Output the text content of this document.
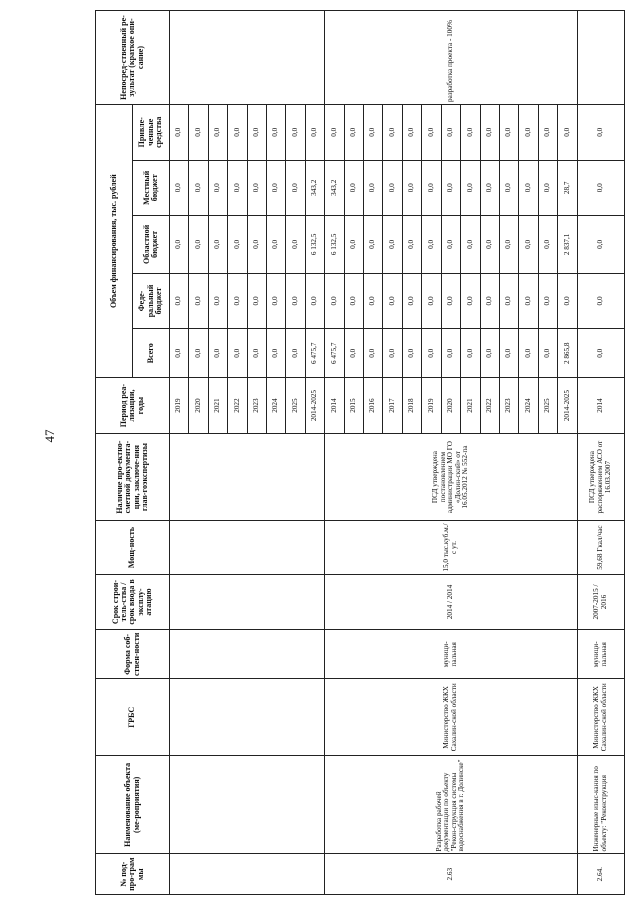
47
№ под-про-грам мы	Наименование объекта (ме-роприятия)	ГРБС	Форма соб-ствен-ности	Срок строи-тель-ства / срок ввода в эксплу-атацию	Мощ-ность	Наличие про-ектно-сметной документа-ции, заключе-ния глав-гоэкспертизы	Период реа-лизации, годы	Объем финансирования, тыс. рублей					Непосред-ственный ре-зультат (краткое опи-сание)
								Всего	Феде-ральный бюджет	Областной бюджет	Местный бюджет	Привле-ченные средства	
							2019	0,0	0,0	0,0	0,0	0,0	
							2020	0,0	0,0	0,0	0,0	0,0	
							2021	0,0	0,0	0,0	0,0	0,0	
							2022	0,0	0,0	0,0	0,0	0,0	
							2023	0,0	0,0	0,0	0,0	0,0	
							2024	0,0	0,0	0,0	0,0	0,0	
							2025	0,0	0,0	0,0	0,0	0,0	
							2014-2025	6 475,7	0,0	6 132,5	343,2	0,0	
2.63	Разработка рабочей документации по объекту "Рекон-струкция системы водоснабжения в г. Долинске"	Министерство ЖКХ Сахалин-ской области	муници-пальная	2014 / 2014	15,0 тыс.куб.м./с ут.	ПСД утверждена постановлением администрации МО ГО «Долин-ский» от 16.05.2012 № 552-па	2014	6 475,7	0,0	6 132,5	343,2	0,0	разработка проекта - 100%
							2015	0,0	0,0	0,0	0,0	0,0	
							2016	0,0	0,0	0,0	0,0	0,0	
							2017	0,0	0,0	0,0	0,0	0,0	
							2018	0,0	0,0	0,0	0,0	0,0	
							2019	0,0	0,0	0,0	0,0	0,0	
							2020	0,0	0,0	0,0	0,0	0,0	
							2021	0,0	0,0	0,0	0,0	0,0	
							2022	0,0	0,0	0,0	0,0	0,0	
							2023	0,0	0,0	0,0	0,0	0,0	
							2024	0,0	0,0	0,0	0,0	0,0	
							2025	0,0	0,0	0,0	0,0	0,0	
							2014-2025	2 865,8	0,0	2 837,1	28,7	0,0	
2.64.	Инженерные изыс-кания по объекту: "Реконструкция	Министерство ЖКХ Сахалин-ской области	муници-пальная	2007-2015 / 2016	59,68 Гкал/час	ПСД утверждена распоряжением АСО от 16.03.2007	2014	0,0	0,0	0,0	0,0	0,0	
